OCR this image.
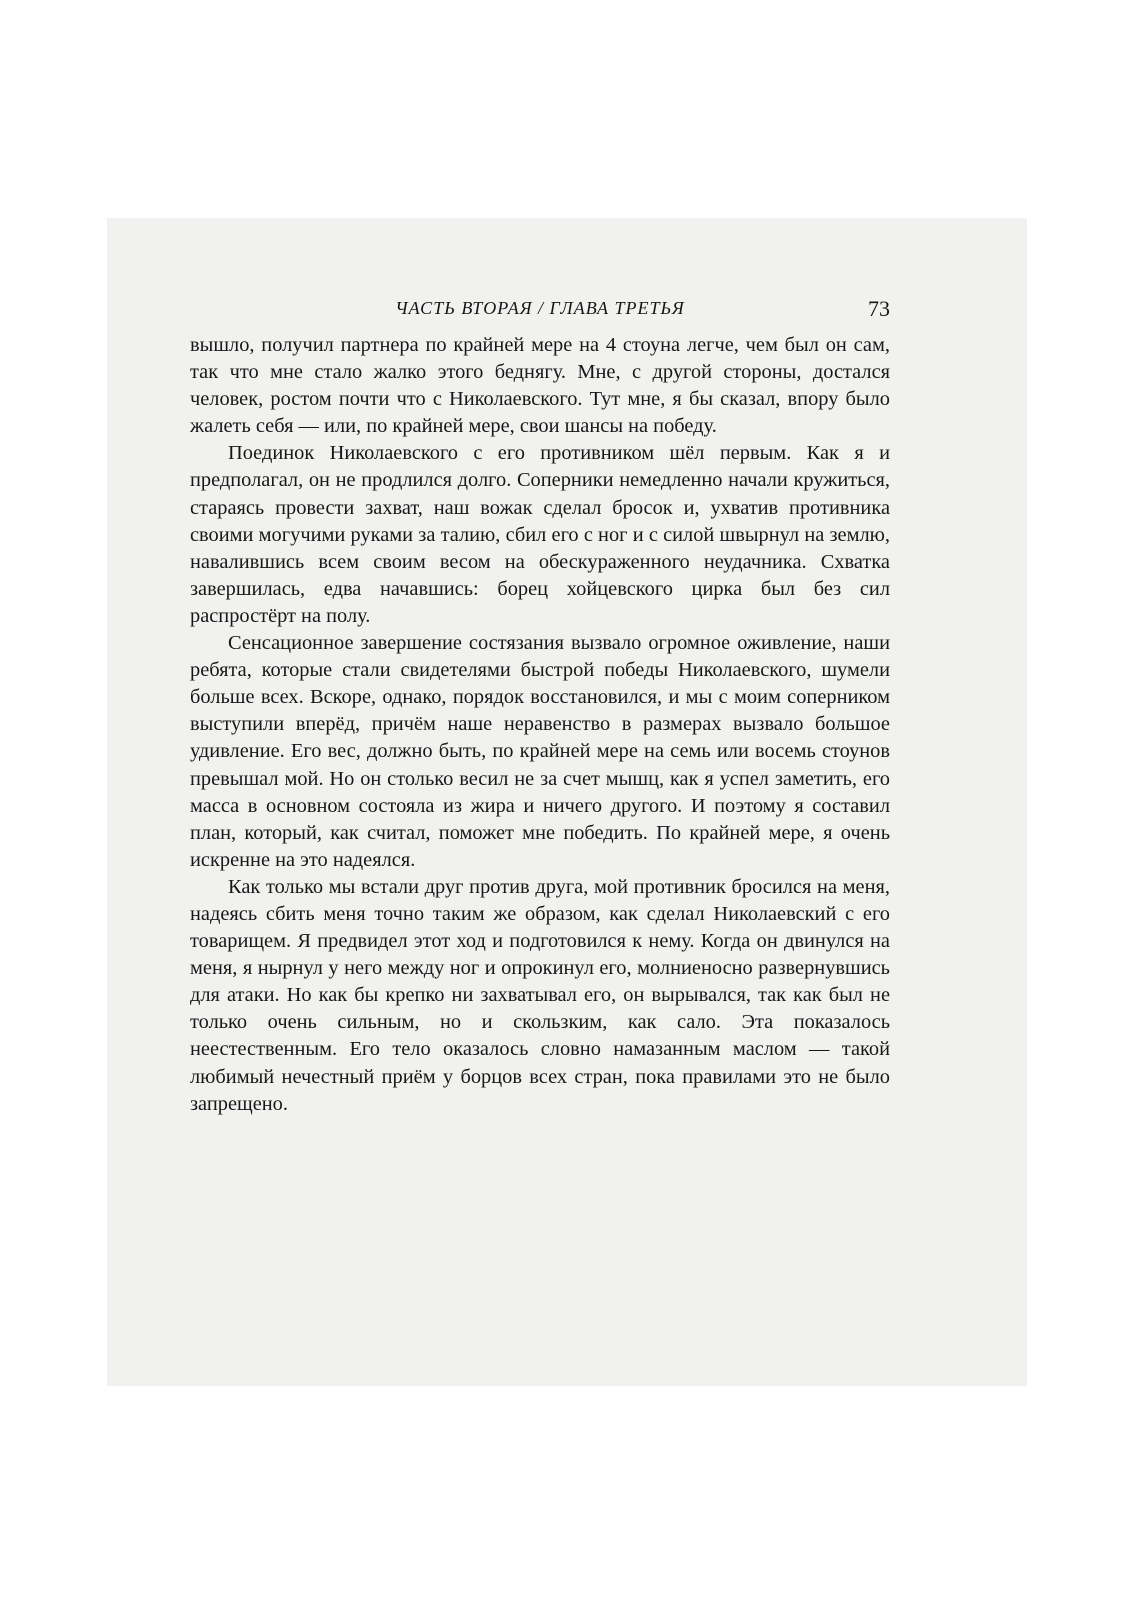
ЧАСТЬ ВТОРАЯ / ГЛАВА ТРЕТЬЯ	73

вышло, получил партнера по крайней мере на 4 стоуна легче, чем был он сам, так что мне стало жалко этого беднягу. Мне, с другой стороны, достался человек, ростом почти что с Николаевского. Тут мне, я бы сказал, впору было жалеть себя — или, по крайней мере, свои шансы на победу.

Поединок Николаевского с его противником шёл первым. Как я и предполагал, он не продлился долго. Соперники немедленно начали кружиться, стараясь провести захват, наш вожак сделал бросок и, ухватив противника своими могучими руками за талию, сбил его с ног и с силой швырнул на землю, навалившись всем своим весом на обескураженного неудачника. Схватка завершилась, едва начавшись: борец хойцевского цирка был без сил распростёрт на полу.

Сенсационное завершение состязания вызвало огромное оживление, наши ребята, которые стали свидетелями быстрой победы Николаевского, шумели больше всех. Вскоре, однако, порядок восстановился, и мы с моим соперником выступили вперёд, причём наше неравенство в размерах вызвало большое удивление. Его вес, должно быть, по крайней мере на семь или восемь стоунов превышал мой. Но он столько весил не за счет мышц, как я успел заметить, его масса в основном состояла из жира и ничего другого. И поэтому я составил план, который, как считал, поможет мне победить. По крайней мере, я очень искренне на это надеялся.

Как только мы встали друг против друга, мой противник бросился на меня, надеясь сбить меня точно таким же образом, как сделал Николаевский с его товарищем. Я предвидел этот ход и подготовился к нему. Когда он двинулся на меня, я нырнул у него между ног и опрокинул его, молниеносно развернувшись для атаки. Но как бы крепко ни захватывал его, он вырывался, так как был не только очень сильным, но и скользким, как сало. Эта показалось неестественным. Его тело оказалось словно намазанным маслом — такой любимый нечестный приём у борцов всех стран, пока правилами это не было запрещено.
